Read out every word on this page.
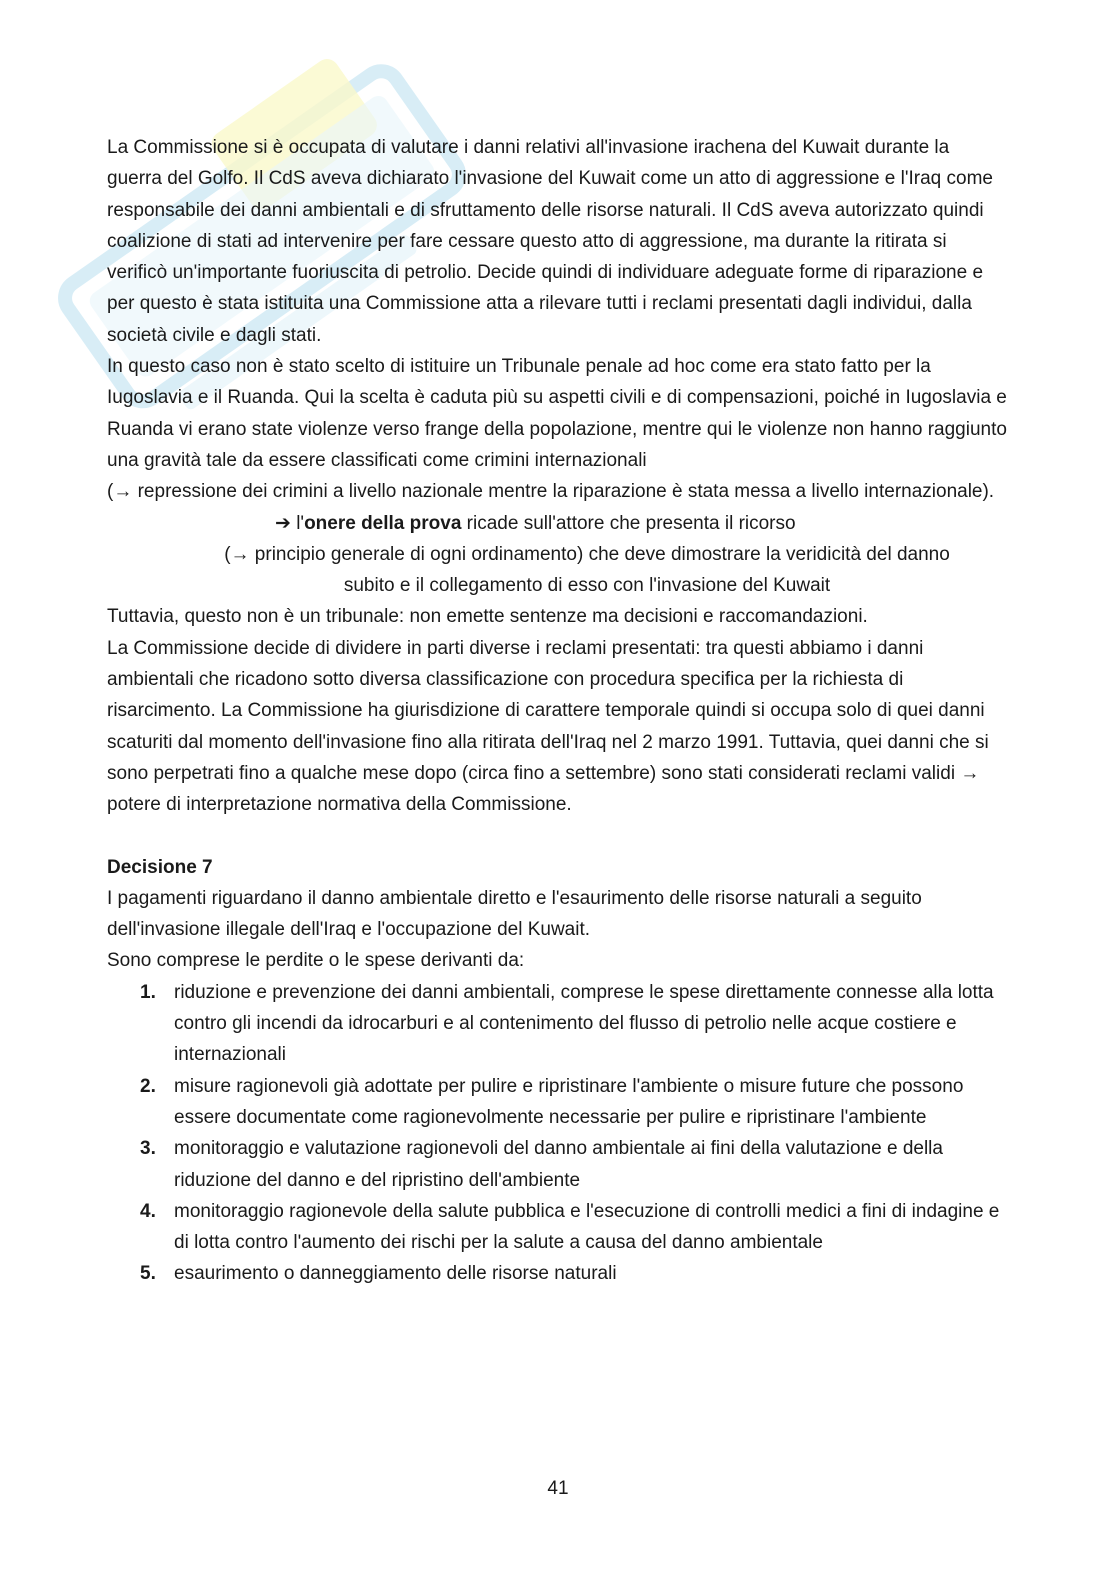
La Commissione si è occupata di valutare i danni relativi all'invasione irachena del Kuwait durante la guerra del Golfo. Il CdS aveva dichiarato l'invasione del Kuwait come un atto di aggressione e l'Iraq come responsabile dei danni ambientali e di sfruttamento delle risorse naturali. Il CdS aveva autorizzato quindi coalizione di stati ad intervenire per fare cessare questo atto di aggressione, ma durante la ritirata si verificò un'importante fuoriuscita di petrolio. Decide quindi di individuare adeguate forme di riparazione e per questo è stata istituita una Commissione atta a rilevare tutti i reclami presentati dagli individui, dalla società civile e dagli stati.

In questo caso non è stato scelto di istituire un Tribunale penale ad hoc come era stato fatto per la Iugoslavia e il Ruanda. Qui la scelta è caduta più su aspetti civili e di compensazioni, poiché in Iugoslavia e Ruanda vi erano state violenze verso frange della popolazione, mentre qui le violenze non hanno raggiunto una gravità tale da essere classificati come crimini internazionali

(→ repressione dei crimini a livello nazionale mentre la riparazione è stata messa a livello internazionale).

➔ l'onere della prova ricade sull'attore che presenta il ricorso

(→ principio generale di ogni ordinamento) che deve dimostrare la veridicità del danno

subito e il collegamento di esso con l'invasione del Kuwait

Tuttavia, questo non è un tribunale: non emette sentenze ma decisioni e raccomandazioni.

La Commissione decide di dividere in parti diverse i reclami presentati: tra questi abbiamo i danni ambientali che ricadono sotto diversa classificazione con procedura specifica per la richiesta di risarcimento. La Commissione ha giurisdizione di carattere temporale quindi si occupa solo di quei danni scaturiti dal momento dell'invasione fino alla ritirata dell'Iraq nel 2 marzo 1991. Tuttavia, quei danni che si sono perpetrati fino a qualche mese dopo (circa fino a settembre) sono stati considerati reclami validi → potere di interpretazione normativa della Commissione.

Decisione 7

I pagamenti riguardano il danno ambientale diretto e l'esaurimento delle risorse naturali a seguito dell'invasione illegale dell'Iraq e l'occupazione del Kuwait.

Sono comprese le perdite o le spese derivanti da:

1. riduzione e prevenzione dei danni ambientali, comprese le spese direttamente connesse alla lotta contro gli incendi da idrocarburi e al contenimento del flusso di petrolio nelle acque costiere e internazionali
2. misure ragionevoli già adottate per pulire e ripristinare l'ambiente o misure future che possono essere documentate come ragionevolmente necessarie per pulire e ripristinare l'ambiente
3. monitoraggio e valutazione ragionevoli del danno ambientale ai fini della valutazione e della riduzione del danno e del ripristino dell'ambiente
4. monitoraggio ragionevole della salute pubblica e l'esecuzione di controlli medici a fini di indagine e di lotta contro l'aumento dei rischi per la salute a causa del danno ambientale
5. esaurimento o danneggiamento delle risorse naturali
41
